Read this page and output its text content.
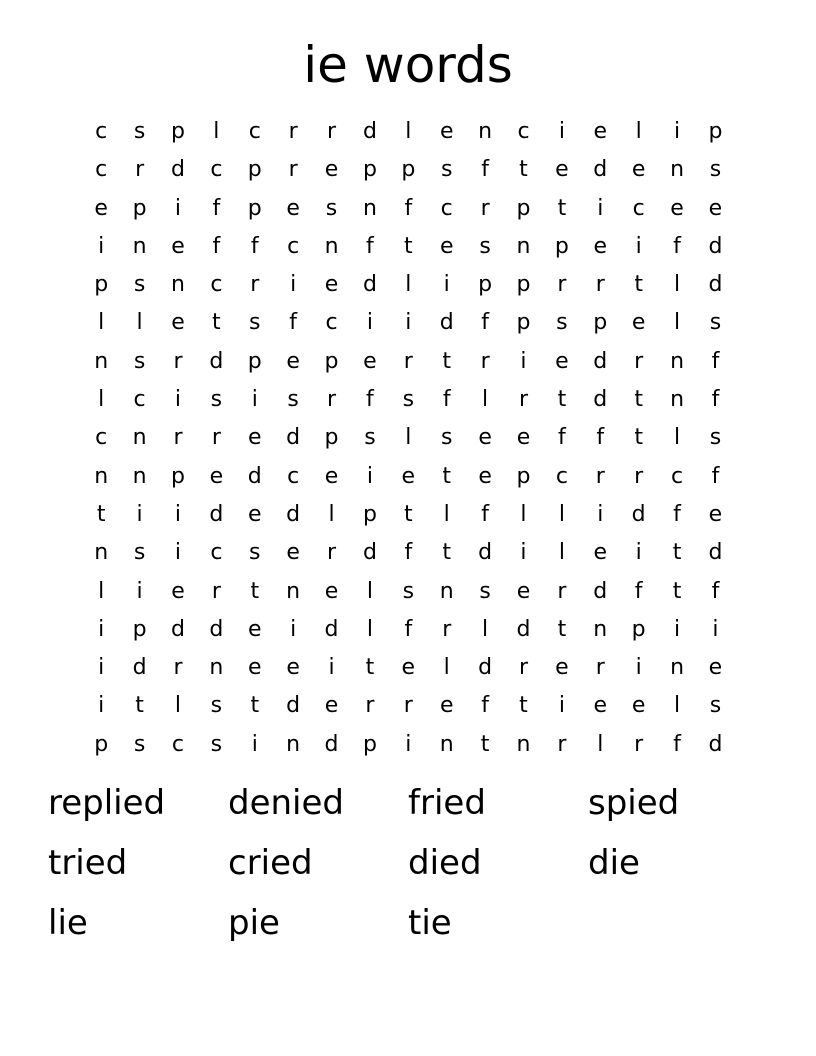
ie words
c	s	p	l	c	r	r	d	l	e	n	c	i	e	l	i	p
c	r	d	c	p	r	e	p	p	s	f	t	e	d	e	n	s
e	p	i	f	p	e	s	n	f	c	r	p	t	i	c	e	e
i	n	e	f	f	c	n	f	t	e	s	n	p	e	i	f	d
p	s	n	c	r	i	e	d	l	i	p	p	r	r	t	l	d
l	l	e	t	s	f	c	i	i	d	f	p	s	p	e	l	s
n	s	r	d	p	e	p	e	r	t	r	i	e	d	r	n	f
l	c	i	s	i	s	r	f	s	f	l	r	t	d	t	n	f
c	n	r	r	e	d	p	s	l	s	e	e	f	f	t	l	s
n	n	p	e	d	c	e	i	e	t	e	p	c	r	r	c	f
t	i	i	d	e	d	l	p	t	l	f	l	l	i	d	f	e
n	s	i	c	s	e	r	d	f	t	d	i	l	e	i	t	d
l	i	e	r	t	n	e	l	s	n	s	e	r	d	f	t	f
i	p	d	d	e	i	d	l	f	r	l	d	t	n	p	i	i
i	d	r	n	e	e	i	t	e	l	d	r	e	r	i	n	e
i	t	l	s	t	d	e	r	r	e	f	t	i	e	e	l	s
p	s	c	s	i	n	d	p	i	n	t	n	r	l	r	f	d
replied	denied	fried	spied
tried	cried	died	die
lie	pie	tie
